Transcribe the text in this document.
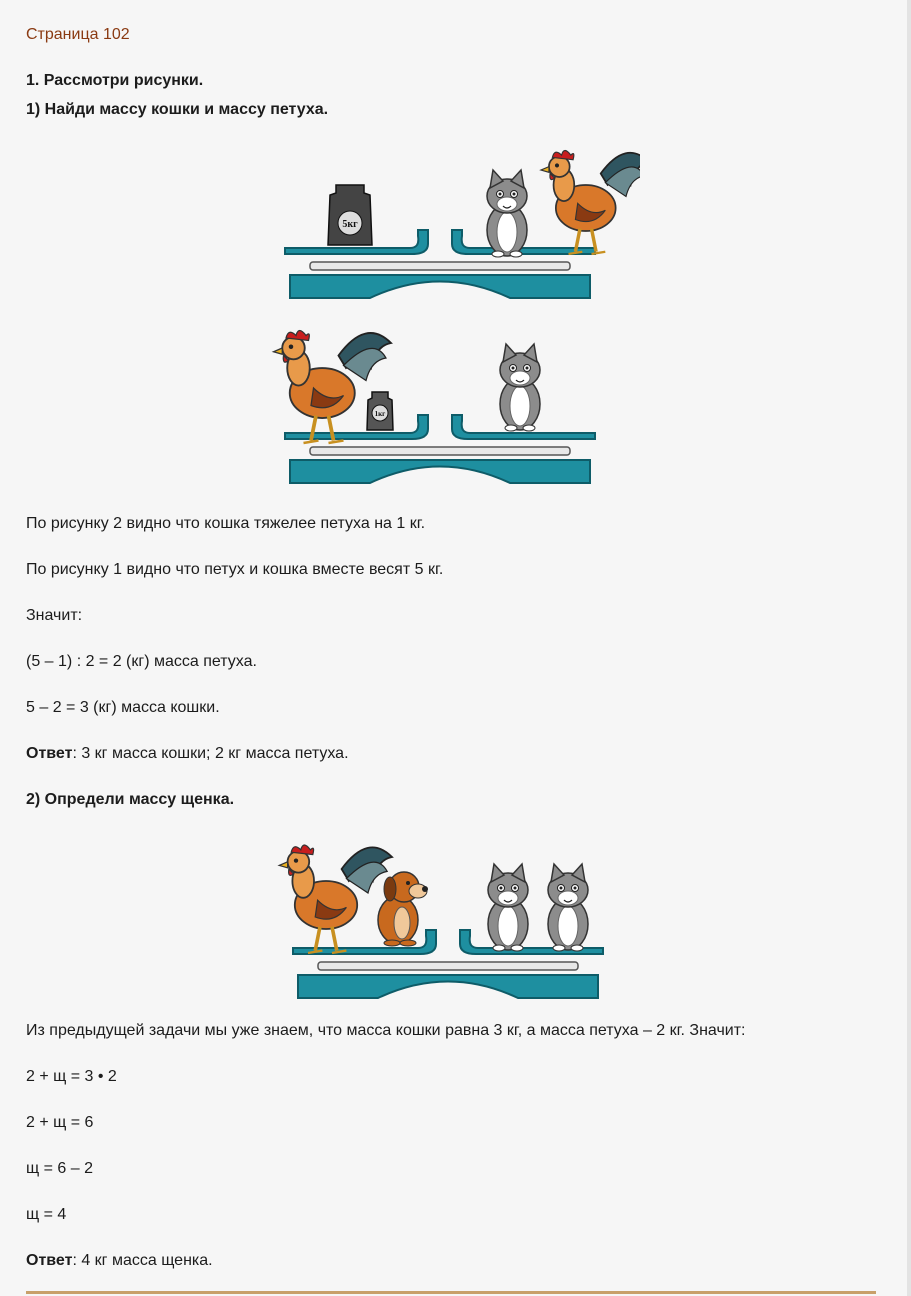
Страница 102
1. Рассмотри рисунки.
1) Найди массу кошки и массу петуха.
5кг
1кг
По рисунку 2 видно что кошка тяжелее петуха на 1 кг.
По рисунку 1 видно что петух и кошка вместе весят 5 кг.
Значит:
(5 – 1) : 2 = 2 (кг) масса петуха.
5 – 2 = 3 (кг) масса кошки.
Ответ: 3 кг масса кошки; 2 кг масса петуха.
2) Определи массу щенка.
Из предыдущей задачи мы уже знаем, что масса кошки равна 3 кг, а масса петуха – 2 кг. Значит:
2 + щ = 3 • 2
2 + щ = 6
щ = 6 – 2
щ = 4
Ответ: 4 кг масса щенка.
